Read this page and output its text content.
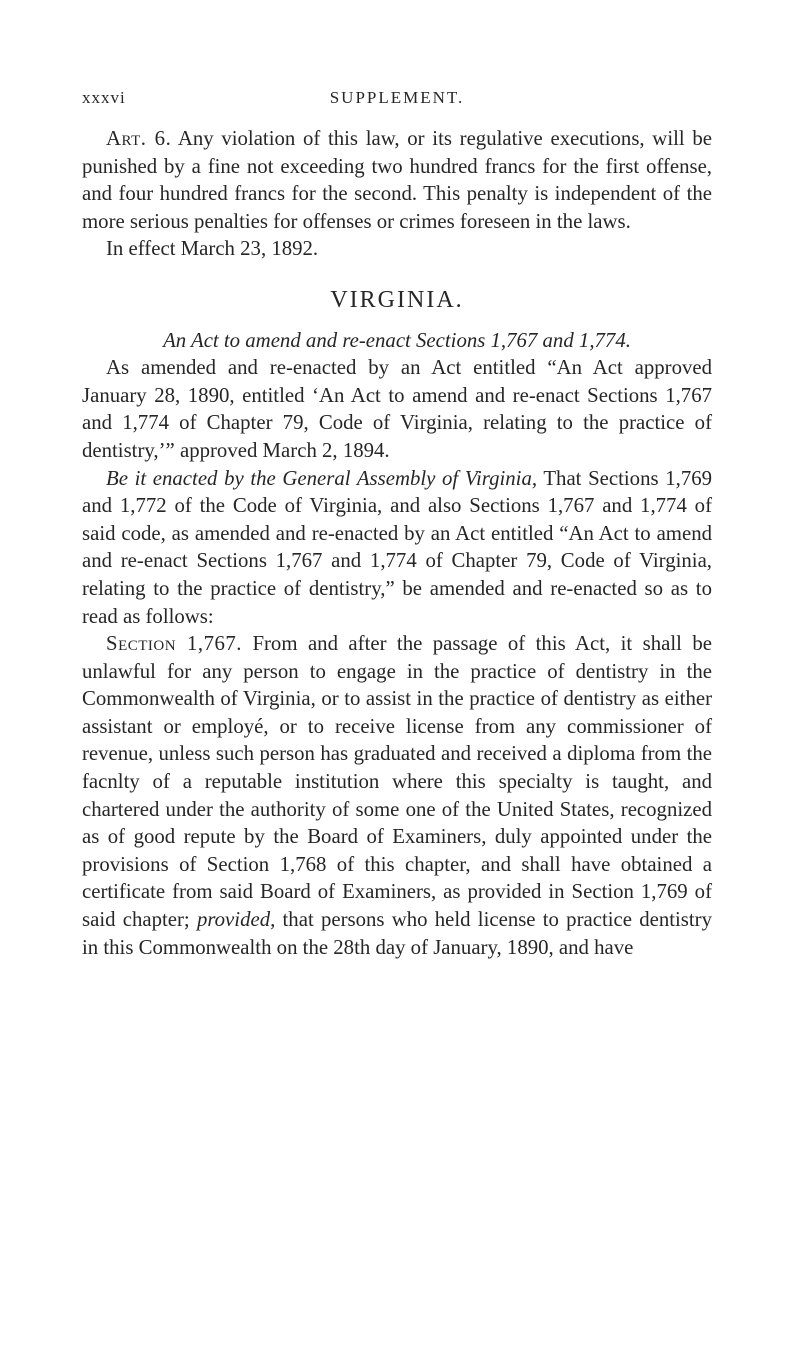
xxxvi	SUPPLEMENT.

Art. 6. Any violation of this law, or its regulative executions, will be punished by a fine not exceeding two hundred francs for the first offense, and four hundred francs for the second. This penalty is independent of the more serious penalties for offenses or crimes foreseen in the laws.

In effect March 23, 1892.

VIRGINIA.

An Act to amend and re-enact Sections 1,767 and 1,774.

As amended and re-enacted by an Act entitled “An Act approved January 28, 1890, entitled ‘An Act to amend and re-enact Sections 1,767 and 1,774 of Chapter 79, Code of Virginia, relating to the practice of dentistry,’” approved March 2, 1894.

Be it enacted by the General Assembly of Virginia, That Sections 1,769 and 1,772 of the Code of Virginia, and also Sections 1,767 and 1,774 of said code, as amended and re-enacted by an Act entitled “An Act to amend and re-enact Sections 1,767 and 1,774 of Chapter 79, Code of Virginia, relating to the practice of dentistry,” be amended and re-enacted so as to read as follows:

Section 1,767. From and after the passage of this Act, it shall be unlawful for any person to engage in the practice of dentistry in the Commonwealth of Virginia, or to assist in the practice of dentistry as either assistant or employé, or to receive license from any commissioner of revenue, unless such person has graduated and received a diploma from the facnlty of a reputable institution where this specialty is taught, and chartered under the authority of some one of the United States, recognized as of good repute by the Board of Examiners, duly appointed under the provisions of Section 1,768 of this chapter, and shall have obtained a certificate from said Board of Examiners, as provided in Section 1,769 of said chapter; provided, that persons who held license to practice dentistry in this Commonwealth on the 28th day of January, 1890, and have
